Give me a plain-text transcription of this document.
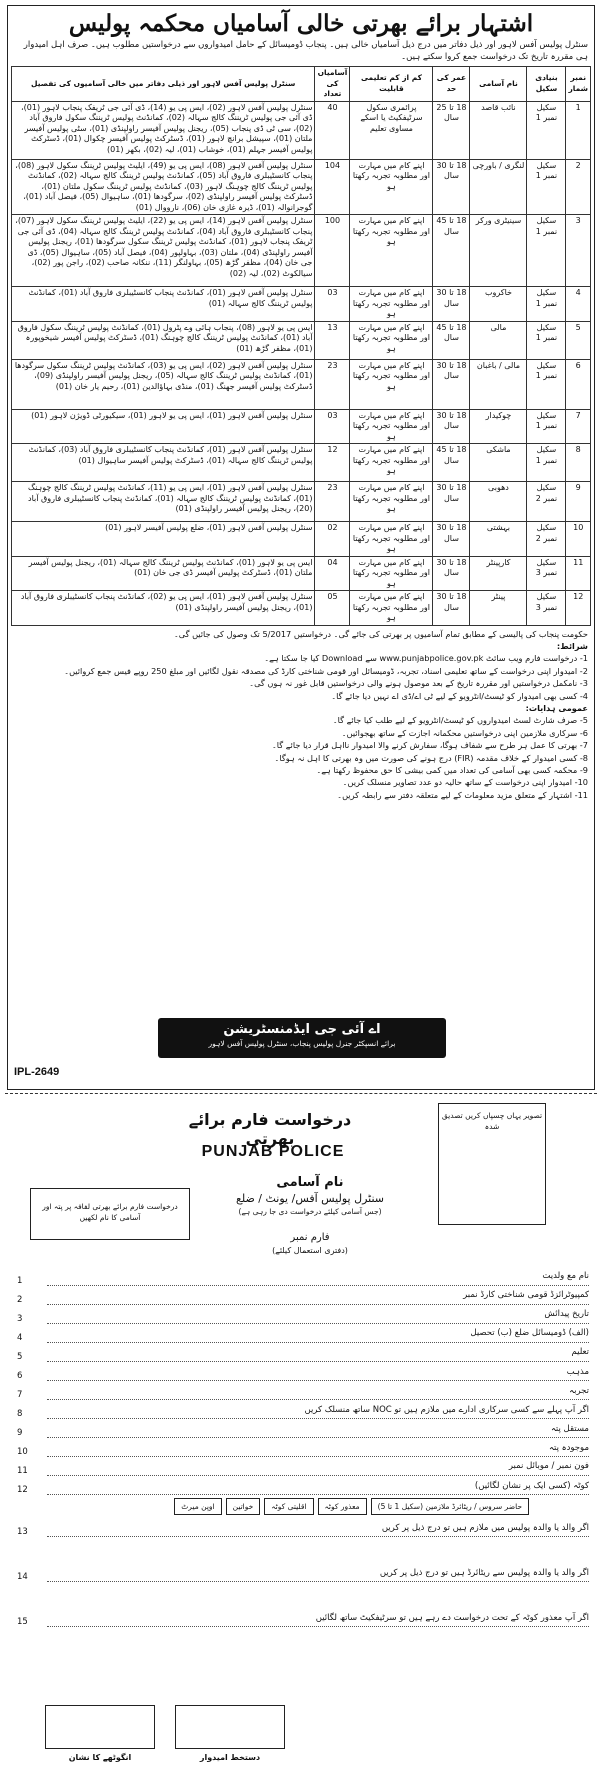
اشتہار برائے بھرتی خالی آسامیاں محکمہ پولیس
سنٹرل پولیس آفس لاہور اور ذیل دفاتر میں درج ذیل آسامیاں خالی ہیں۔ پنجاب ڈومیسائل کے حامل امیدواروں سے درخواستیں مطلوب ہیں۔ صرف اہل امیدوار ہی مقررہ تاریخ تک درخواست جمع کروا سکتے ہیں۔
نمبر شمار	بنیادی سکیل	نام آسامی	عمر کی حد	کم از کم تعلیمی قابلیت	آسامیاں کی تعداد	سنٹرل پولیس آفس لاہور اور ذیلی دفاتر میں خالی آسامیوں کی تفصیل
1	سکیل نمبر 1	نائب قاصد	18 تا 25 سال	پرائمری سکول سرٹیفکیٹ یا اسکے مساوی تعلیم	40	سنٹرل پولیس آفس لاہور (02)، ایس پی یو (14)، ڈی آئی جی ٹریفک پنجاب لاہور (01)، ڈی آئی جی پولیس ٹریننگ کالج سہالہ (02)، کمانڈنٹ پولیس ٹریننگ سکول فاروق آباد (02)، سی ٹی ڈی پنجاب (05)، ریجنل پولیس آفیسر راولپنڈی (01)، سٹی پولیس آفیسر ملتان (01)، سپیشل برانچ لاہور (01)، ڈسٹرکٹ پولیس آفیسر چکوال (01)، ڈسٹرکٹ پولیس آفیسر جہلم (01)، خوشاب (01)، لیہ (02)، بکھر (01)
2	سکیل نمبر 1	لنگری / باورچی	18 تا 30 سال	اپنے کام میں مہارت اور مطلوبہ تجربہ رکھتا ہو	104	سنٹرل پولیس آفس لاہور (08)، ایس پی یو (49)، ایلیٹ پولیس ٹریننگ سکول لاہور (08)، پنجاب کانسٹیبلری فاروق آباد (05)، کمانڈنٹ پولیس ٹریننگ کالج سہالہ (02)، کمانڈنٹ پولیس ٹریننگ کالج چوہنگ لاہور (03)، کمانڈنٹ پولیس ٹریننگ سکول ملتان (01)، ڈسٹرکٹ پولیس آفیسر راولپنڈی (02)، سرگودھا (01)، ساہیوال (05)، فیصل آباد (01)، گوجرانوالہ (01)، ڈیرہ غازی خان (06)، نارووال (01)
3	سکیل نمبر 1	سینیٹری ورکر	18 تا 45 سال	اپنے کام میں مہارت اور مطلوبہ تجربہ رکھتا ہو	100	سنٹرل پولیس آفس لاہور (14)، ایس پی یو (22)، ایلیٹ پولیس ٹریننگ سکول لاہور (07)، پنجاب کانسٹیبلری فاروق آباد (04)، کمانڈنٹ پولیس ٹریننگ کالج سہالہ (04)، ڈی آئی جی ٹریفک پنجاب لاہور (01)، کمانڈنٹ پولیس ٹریننگ سکول سرگودھا (01)، ریجنل پولیس آفیسر راولپنڈی (04)، ملتان (03)، بہاولپور (04)، فیصل آباد (05)، ساہیوال (05)، ڈی جی خان (04)، مظفر گڑھ (05)، بہاولنگر (11)، ننکانہ صاحب (02)، راجن پور (02)، سیالکوٹ (02)، لیہ (02)
4	سکیل نمبر 1	خاکروب	18 تا 30 سال	اپنے کام میں مہارت اور مطلوبہ تجربہ رکھتا ہو	03	سنٹرل پولیس آفس لاہور (01)، کمانڈنٹ پنجاب کانسٹیبلری فاروق آباد (01)، کمانڈنٹ پولیس ٹریننگ کالج سہالہ (01)
5	سکیل نمبر 1	مالی	18 تا 45 سال	اپنے کام میں مہارت اور مطلوبہ تجربہ رکھتا ہو	13	ایس پی یو لاہور (08)، پنجاب ہائی وے پٹرول (01)، کمانڈنٹ پولیس ٹریننگ سکول فاروق آباد (01)، کمانڈنٹ پولیس ٹریننگ کالج چوہنگ (01)، ڈسٹرکٹ پولیس آفیسر شیخوپورہ (01)، مظفر گڑھ (01)
6	سکیل نمبر 1	مالی / باغبان	18 تا 30 سال	اپنے کام میں مہارت اور مطلوبہ تجربہ رکھتا ہو	23	سنٹرل پولیس آفس لاہور (02)، ایس پی یو (03)، کمانڈنٹ پولیس ٹریننگ سکول سرگودھا (01)، کمانڈنٹ پولیس ٹریننگ کالج سہالہ (05)، ریجنل پولیس آفیسر راولپنڈی (09)، ڈسٹرکٹ پولیس آفیسر جھنگ (01)، منڈی بہاؤالدین (01)، رحیم یار خان (01)
7	سکیل نمبر 1	چوکیدار	18 تا 30 سال	اپنے کام میں مہارت اور مطلوبہ تجربہ رکھتا ہو	03	سنٹرل پولیس آفس لاہور (01)، ایس پی یو لاہور (01)، سیکیورٹی ڈویژن لاہور (01)
8	سکیل نمبر 1	ماشکی	18 تا 45 سال	اپنے کام میں مہارت اور مطلوبہ تجربہ رکھتا ہو	12	سنٹرل پولیس آفس لاہور (01)، کمانڈنٹ پنجاب کانسٹیبلری فاروق آباد (03)، کمانڈنٹ پولیس ٹریننگ کالج سہالہ (01)، ڈسٹرکٹ پولیس آفیسر ساہیوال (01)
9	سکیل نمبر 2	دھوبی	18 تا 30 سال	اپنے کام میں مہارت اور مطلوبہ تجربہ رکھتا ہو	23	سنٹرل پولیس آفس لاہور (01)، ایس پی یو (11)، کمانڈنٹ پولیس ٹریننگ کالج چوہنگ (01)، کمانڈنٹ پولیس ٹریننگ کالج سہالہ (01)، کمانڈنٹ پنجاب کانسٹیبلری فاروق آباد (20)، ریجنل پولیس آفیسر راولپنڈی (01)
10	سکیل نمبر 2	بہشتی	18 تا 30 سال	اپنے کام میں مہارت اور مطلوبہ تجربہ رکھتا ہو	02	سنٹرل پولیس آفس لاہور (01)، ضلع پولیس آفیسر لاہور (01)
11	سکیل نمبر 3	کارپینٹر	18 تا 30 سال	اپنے کام میں مہارت اور مطلوبہ تجربہ رکھتا ہو	04	ایس پی یو لاہور (01)، کمانڈنٹ پولیس ٹریننگ کالج سہالہ (01)، ریجنل پولیس آفیسر ملتان (01)، ڈسٹرکٹ پولیس آفیسر ڈی جی خان (01)
12	سکیل نمبر 3	پینٹر	18 تا 30 سال	اپنے کام میں مہارت اور مطلوبہ تجربہ رکھتا ہو	05	سنٹرل پولیس آفس لاہور (01)، ایس پی یو (02)، کمانڈنٹ پنجاب کانسٹیبلری فاروق آباد (01)، ریجنل پولیس آفیسر راولپنڈی (01)
حکومت پنجاب کی پالیسی کے مطابق تمام آسامیوں پر بھرتی کی جائے گی۔ درخواستیں 5/2017 تک وصول کی جائیں گی۔
شرائط:
1- درخواست فارم ویب سائٹ www.punjabpolice.gov.pk سے Download کیا جا سکتا ہے۔
2- امیدوار اپنی درخواست کے ساتھ تعلیمی اسناد، تجربہ، ڈومیسائل اور قومی شناختی کارڈ کی مصدقہ نقول لگائیں اور مبلغ 250 روپے فیس جمع کروائیں۔
3- نامکمل درخواستیں اور مقررہ تاریخ کے بعد موصول ہونے والی درخواستیں قابل غور نہ ہوں گی۔
4- کسی بھی امیدوار کو ٹیسٹ/انٹرویو کے لیے ٹی اے/ڈی اے نہیں دیا جائے گا۔
عمومی ہدایات:
5- صرف شارٹ لسٹ امیدواروں کو ٹیسٹ/انٹرویو کے لیے طلب کیا جائے گا۔
6- سرکاری ملازمین اپنی درخواستیں محکمانہ اجازت کے ساتھ بھجوائیں۔
7- بھرتی کا عمل ہر طرح سے شفاف ہوگا، سفارش کرنے والا امیدوار نااہل قرار دیا جائے گا۔
8- کسی امیدوار کے خلاف مقدمہ (FIR) درج ہونے کی صورت میں وہ بھرتی کا اہل نہ ہوگا۔
9- محکمہ کسی بھی آسامی کی تعداد میں کمی بیشی کا حق محفوظ رکھتا ہے۔
10- امیدوار اپنی درخواست کے ساتھ حالیہ دو عدد تصاویر منسلک کریں۔
11- اشتہار کے متعلق مزید معلومات کے لیے متعلقہ دفتر سے رابطہ کریں۔
اے آئی جی ایڈمنسٹریشن
برائے انسپکٹر جنرل پولیس پنجاب، سنٹرل پولیس آفس لاہور
IPL-2649
درخواست فارم برائے بھرتی
PUNJAB POLICE
تصویر یہاں چسپاں کریں تصدیق شدہ
درخواست فارم برائے بھرتی لفافہ پر پتہ اور آسامی کا نام لکھیں
نام آسامی
سنٹرل پولیس آفس/ یونٹ / ضلع
(جس آسامی کیلئے درخواست دی جا رہی ہے)
فارم نمبر
(دفتری استعمال کیلئے)
نام مع ولدیت
1
کمپیوٹرائزڈ قومی شناختی کارڈ نمبر
2
تاریخ پیدائش
3
(الف) ڈومیسائل ضلع (ب) تحصیل
4
تعلیم
5
مذہب
6
تجربہ
7
اگر آپ پہلے سے کسی سرکاری ادارے میں ملازم ہیں تو NOC ساتھ منسلک کریں
8
مستقل پتہ
9
موجودہ پتہ
10
فون نمبر / موبائل نمبر
11
کوٹہ (کسی ایک پر نشان لگائیں)
12
اوپن میرٹ	خواتین	اقلیتی کوٹہ	معذور کوٹہ	حاضر سروس / ریٹائرڈ ملازمین (سکیل 1 تا 5)
اگر والد یا والدہ پولیس میں ملازم ہیں تو درج ذیل پر کریں
13
اگر والد یا والدہ پولیس سے ریٹائرڈ ہیں تو درج ذیل پر کریں
14
اگر آپ معذور کوٹہ کے تحت درخواست دے رہے ہیں تو سرٹیفکیٹ ساتھ لگائیں
15
انگوٹھے کا نشان	دستخط امیدوار
